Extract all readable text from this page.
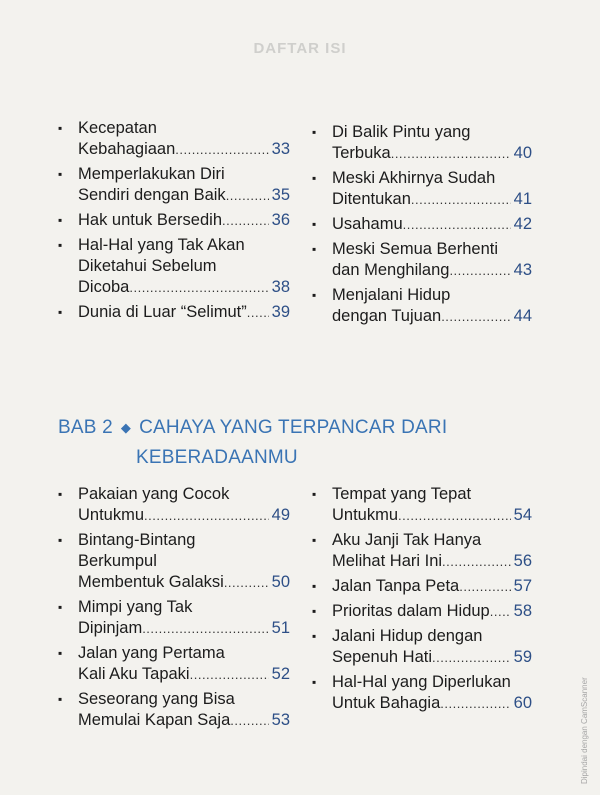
DAFTAR ISI
▪ Kecepatan
Kebahagiaan .....	33
▪ Memperlakukan Diri
Sendiri dengan Baik .....	35
▪ Hak untuk Bersedih .....	36
▪ Hal-Hal yang Tak Akan
Diketahui Sebelum
Dicoba .....	38
▪ Dunia di Luar “Selimut” ..... 39
▪ Di Balik Pintu yang
Terbuka .....	40
▪ Meski Akhirnya Sudah
Ditentukan .....	41
▪ Usahamu .....	42
▪ Meski Semua Berhenti
dan Menghilang .....	43
▪ Menjalani Hidup
dengan Tujuan .....	44
BAB 2 ◆ CAHAYA YANG TERPANCAR DARI
KEBERADAANMU
▪ Pakaian yang Cocok
Untukmu .....	49
▪ Bintang-Bintang
Berkumpul
Membentuk Galaksi .....	50
▪ Mimpi yang Tak
Dipinjam .....	51
▪ Jalan yang Pertama
Kali Aku Tapaki .....	52
▪ Seseorang yang Bisa
Memulai Kapan Saja .....	53
▪ Tempat yang Tepat
Untukmu .....	54
▪ Aku Janji Tak Hanya
Melihat Hari Ini .....	56
▪ Jalan Tanpa Peta .....	57
▪ Prioritas dalam Hidup ..... 58
▪ Jalani Hidup dengan
Sepenuh Hati .....	59
▪ Hal-Hal yang Diperlukan
Untuk Bahagia .....	60	Dipindai dengan CamScanner
